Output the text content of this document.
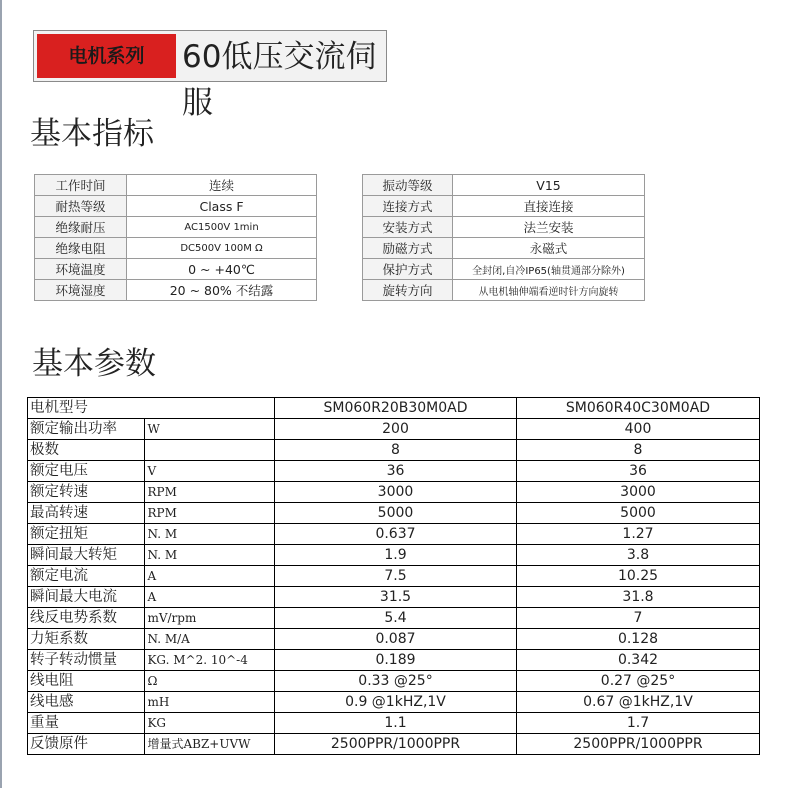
电机系列	60低压交流伺服
基本指标
工作时间	连续
耐热等级	Class F
绝缘耐压	AC1500V 1min
绝缘电阻	DC500V 100M Ω
环境温度	0 ~ +40℃
环境湿度	20 ~ 80% 不结露
振动等级	V15
连接方式	直接连接
安装方式	法兰安装
励磁方式	永磁式
保护方式	全封闭,自冷IP65(轴贯通部分除外)
旋转方向	从电机轴伸端看逆时针方向旋转
基本参数
电机型号		SM060R20B30M0AD	SM060R40C30M0AD
额定输出功率	W	200	400
极数		8	8
额定电压	V	36	36
额定转速	RPM	3000	3000
最高转速	RPM	5000	5000
额定扭矩	N. M	0.637	1.27
瞬间最大转矩	N. M	1.9	3.8
额定电流	A	7.5	10.25
瞬间最大电流	A	31.5	31.8
线反电势系数	mV/rpm	5.4	7
力矩系数	N. M/A	0.087	0.128
转子转动惯量	KG. M^2. 10^-4	0.189	0.342
线电阻	Ω	0.33 @25°	0.27 @25°
线电感	mH	0.9 @1kHZ,1V	0.67 @1kHZ,1V
重量	KG	1.1	1.7
反馈原件	增量式ABZ+UVW	2500PPR/1000PPR	2500PPR/1000PPR
